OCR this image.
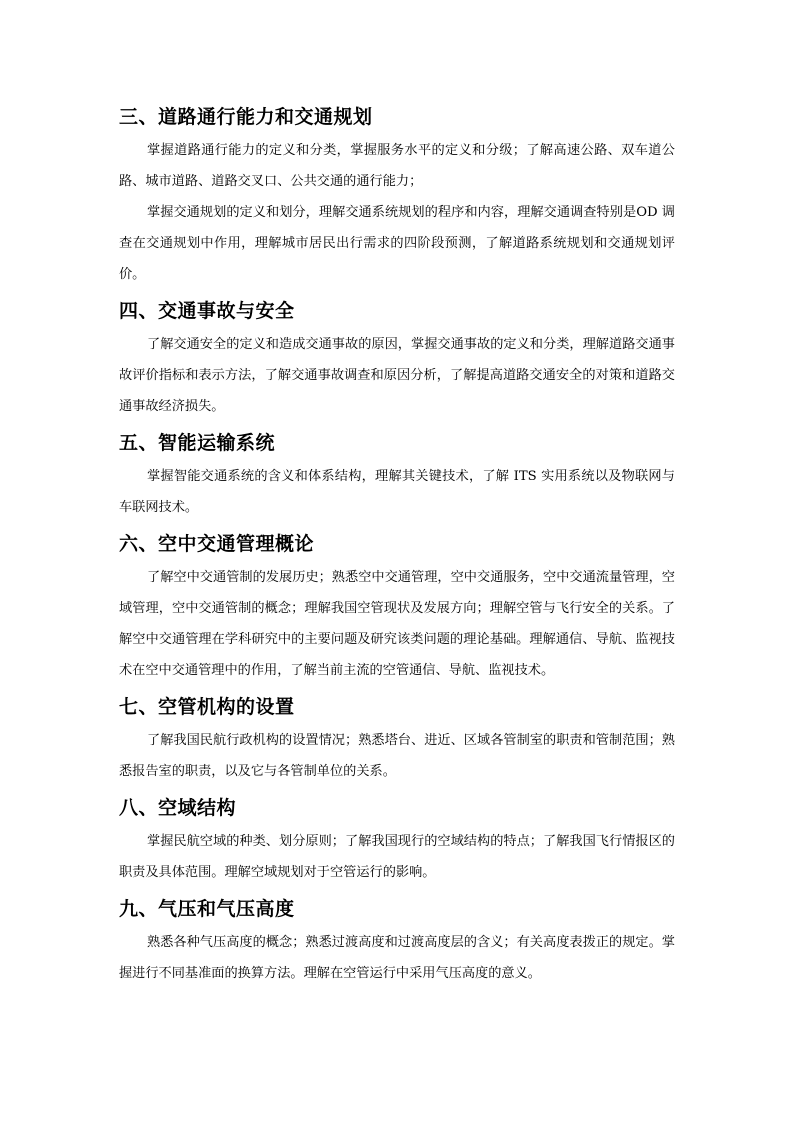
三、道路通行能力和交通规划

掌握道路通行能力的定义和分类，掌握服务水平的定义和分级；了解高速公路、双车道公路、城市道路、道路交叉口、公共交通的通行能力；

掌握交通规划的定义和划分，理解交通系统规划的程序和内容，理解交通调查特别是OD 调查在交通规划中作用，理解城市居民出行需求的四阶段预测，了解道路系统规划和交通规划评价。

四、交通事故与安全

了解交通安全的定义和造成交通事故的原因，掌握交通事故的定义和分类，理解道路交通事故评价指标和表示方法，了解交通事故调查和原因分析，了解提高道路交通安全的对策和道路交通事故经济损失。

五、智能运输系统

掌握智能交通系统的含义和体系结构，理解其关键技术，了解 ITS 实用系统以及物联网与车联网技术。

六、空中交通管理概论

了解空中交通管制的发展历史；熟悉空中交通管理，空中交通服务，空中交通流量管理，空域管理，空中交通管制的概念；理解我国空管现状及发展方向；理解空管与飞行安全的关系。了解空中交通管理在学科研究中的主要问题及研究该类问题的理论基础。理解通信、导航、监视技术在空中交通管理中的作用，了解当前主流的空管通信、导航、监视技术。

七、空管机构的设置

了解我国民航行政机构的设置情况；熟悉塔台、进近、区域各管制室的职责和管制范围；熟悉报告室的职责，以及它与各管制单位的关系。

八、空域结构

掌握民航空域的种类、划分原则；了解我国现行的空域结构的特点；了解我国飞行情报区的职责及具体范围。理解空域规划对于空管运行的影响。

九、气压和气压高度

熟悉各种气压高度的概念；熟悉过渡高度和过渡高度层的含义；有关高度表拨正的规定。掌握进行不同基准面的换算方法。理解在空管运行中采用气压高度的意义。
